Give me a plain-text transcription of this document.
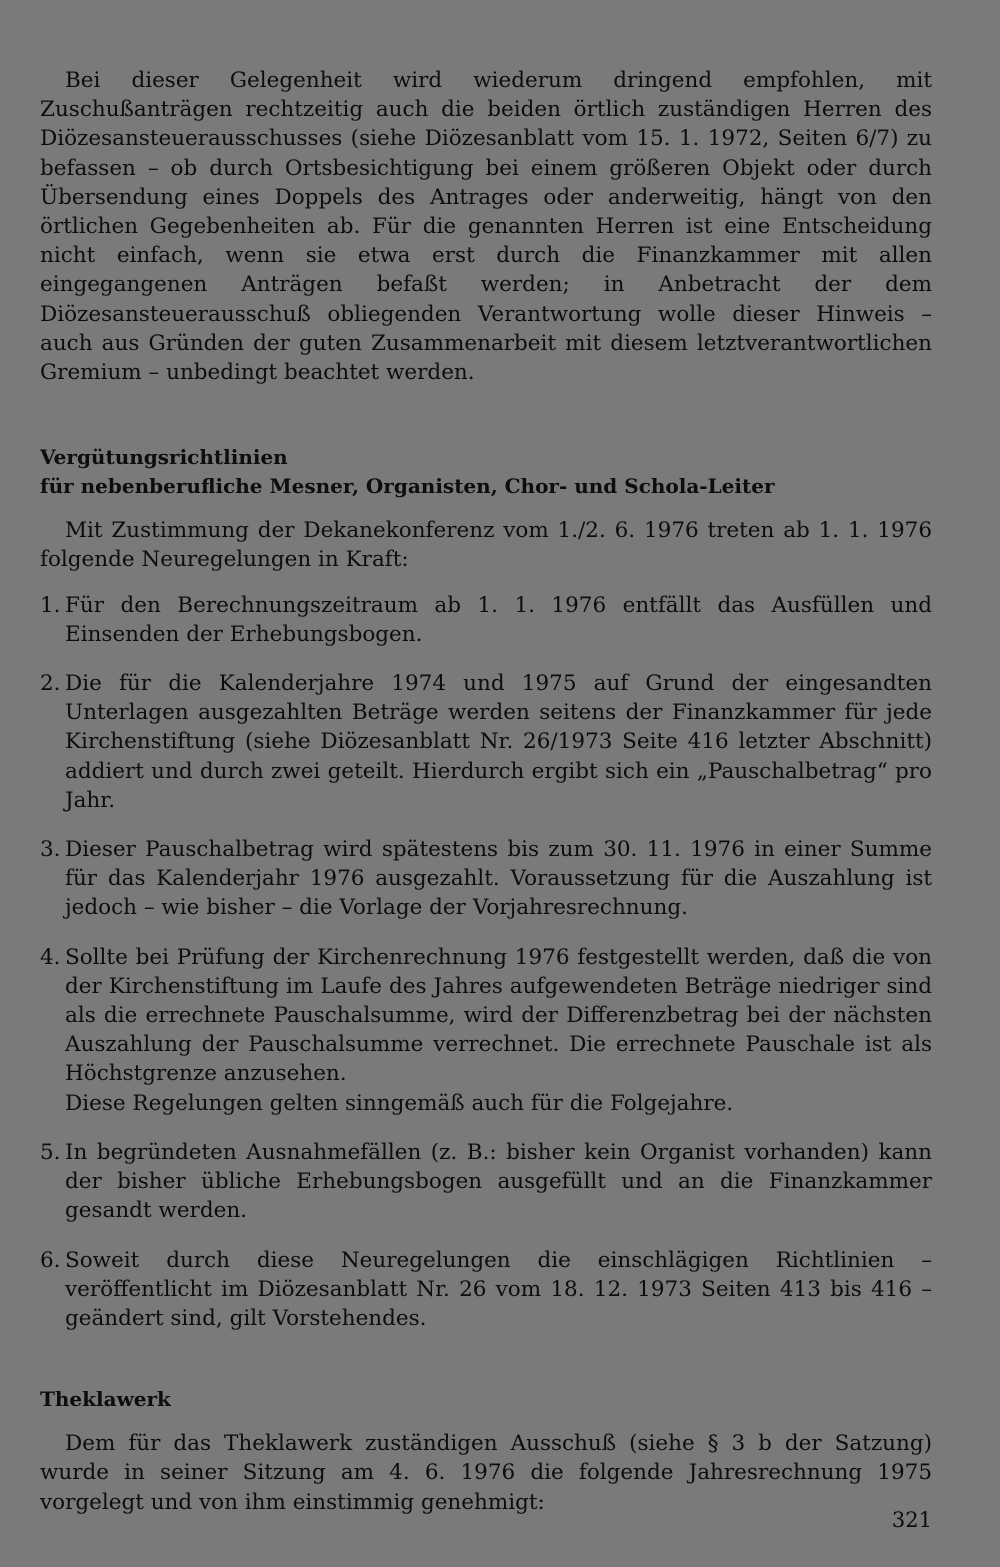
Bei dieser Gelegenheit wird wiederum dringend empfohlen, mit Zuschußanträgen rechtzeitig auch die beiden örtlich zuständigen Herren des Diözesansteuerausschusses (siehe Diözesanblatt vom 15. 1. 1972, Seiten 6/7) zu befassen – ob durch Ortsbesichtigung bei einem größeren Objekt oder durch Übersendung eines Doppels des Antrages oder anderweitig, hängt von den örtlichen Gegebenheiten ab. Für die genannten Herren ist eine Entscheidung nicht einfach, wenn sie etwa erst durch die Finanzkammer mit allen eingegangenen Anträgen befaßt werden; in Anbetracht der dem Diözesansteuerausschuß obliegenden Verantwortung wolle dieser Hinweis – auch aus Gründen der guten Zusammenarbeit mit diesem letztverantwortlichen Gremium – unbedingt beachtet werden.

Vergütungsrichtlinien
für nebenberufliche Mesner, Organisten, Chor- und Schola-Leiter

Mit Zustimmung der Dekanekonferenz vom 1./2. 6. 1976 treten ab 1. 1. 1976 folgende Neuregelungen in Kraft:

1. Für den Berechnungszeitraum ab 1. 1. 1976 entfällt das Ausfüllen und Einsenden der Erhebungsbogen.

2. Die für die Kalenderjahre 1974 und 1975 auf Grund der eingesandten Unterlagen ausgezahlten Beträge werden seitens der Finanzkammer für jede Kirchenstiftung (siehe Diözesanblatt Nr. 26/1973 Seite 416 letzter Abschnitt) addiert und durch zwei geteilt. Hierdurch ergibt sich ein „Pauschalbetrag“ pro Jahr.

3. Dieser Pauschalbetrag wird spätestens bis zum 30. 11. 1976 in einer Summe für das Kalenderjahr 1976 ausgezahlt. Voraussetzung für die Auszahlung ist jedoch – wie bisher – die Vorlage der Vorjahresrechnung.

4. Sollte bei Prüfung der Kirchenrechnung 1976 festgestellt werden, daß die von der Kirchenstiftung im Laufe des Jahres aufgewendeten Beträge niedriger sind als die errechnete Pauschalsumme, wird der Differenzbetrag bei der nächsten Auszahlung der Pauschalsumme verrechnet. Die errechnete Pauschale ist als Höchstgrenze anzusehen.

Diese Regelungen gelten sinngemäß auch für die Folgejahre.

5. In begründeten Ausnahmefällen (z. B.: bisher kein Organist vorhanden) kann der bisher übliche Erhebungsbogen ausgefüllt und an die Finanzkammer gesandt werden.

6. Soweit durch diese Neuregelungen die einschlägigen Richtlinien – veröffentlicht im Diözesanblatt Nr. 26 vom 18. 12. 1973 Seiten 413 bis 416 – geändert sind, gilt Vorstehendes.

Theklawerk

Dem für das Theklawerk zuständigen Ausschuß (siehe § 3 b der Satzung) wurde in seiner Sitzung am 4. 6. 1976 die folgende Jahresrechnung 1975 vorgelegt und von ihm einstimmig genehmigt:

321
